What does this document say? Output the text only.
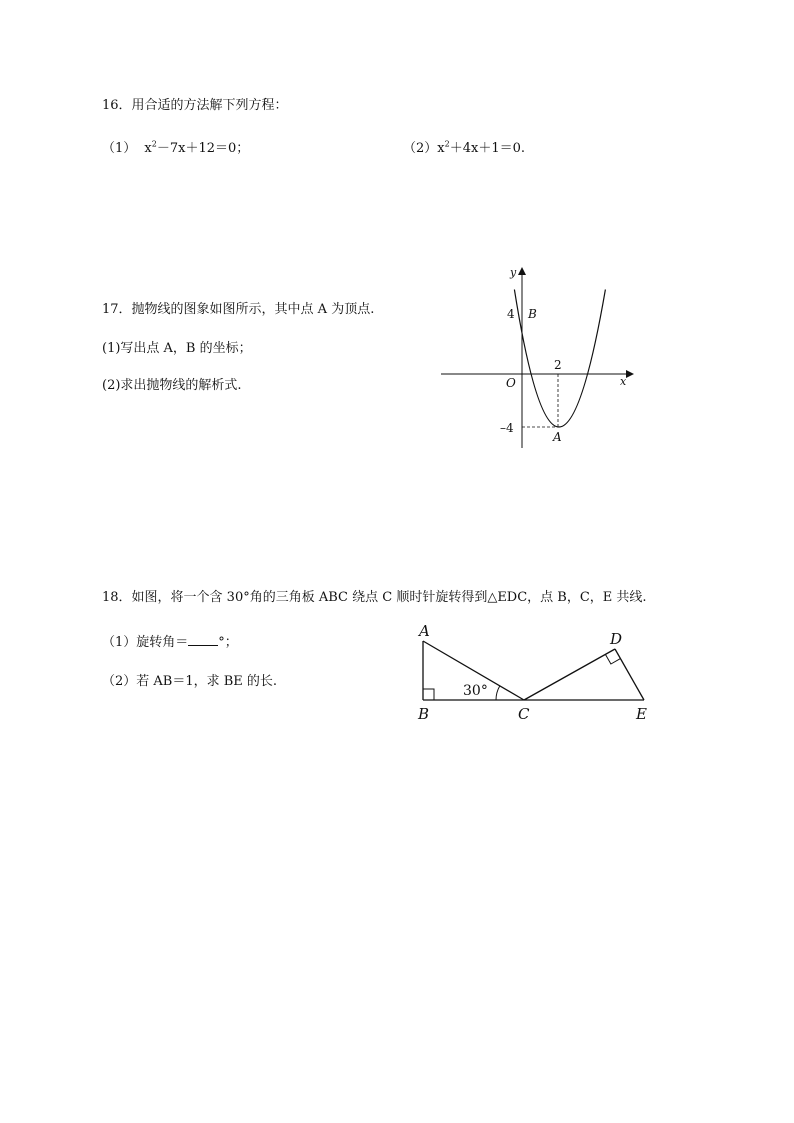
16．用合适的方法解下列方程：
（1） $x^2-7x+12=0$；	$(2)x^2+4x+1=0$.
17．抛物线的图象如图所示，其中点 A 为顶点.
(1)写出点 A，B 的坐标；
(2)求出抛物线的解析式.
y
x
O
4 B
2
–4
A
18．如图，将一个含 30°角的三角板 ABC 绕点 C 顺时针旋转得到△EDC，点 B，C，E 共线.
（1）旋转角＝ °；
（2）若 AB＝1，求 BE 的长.
A
B	C
D
E
30°
